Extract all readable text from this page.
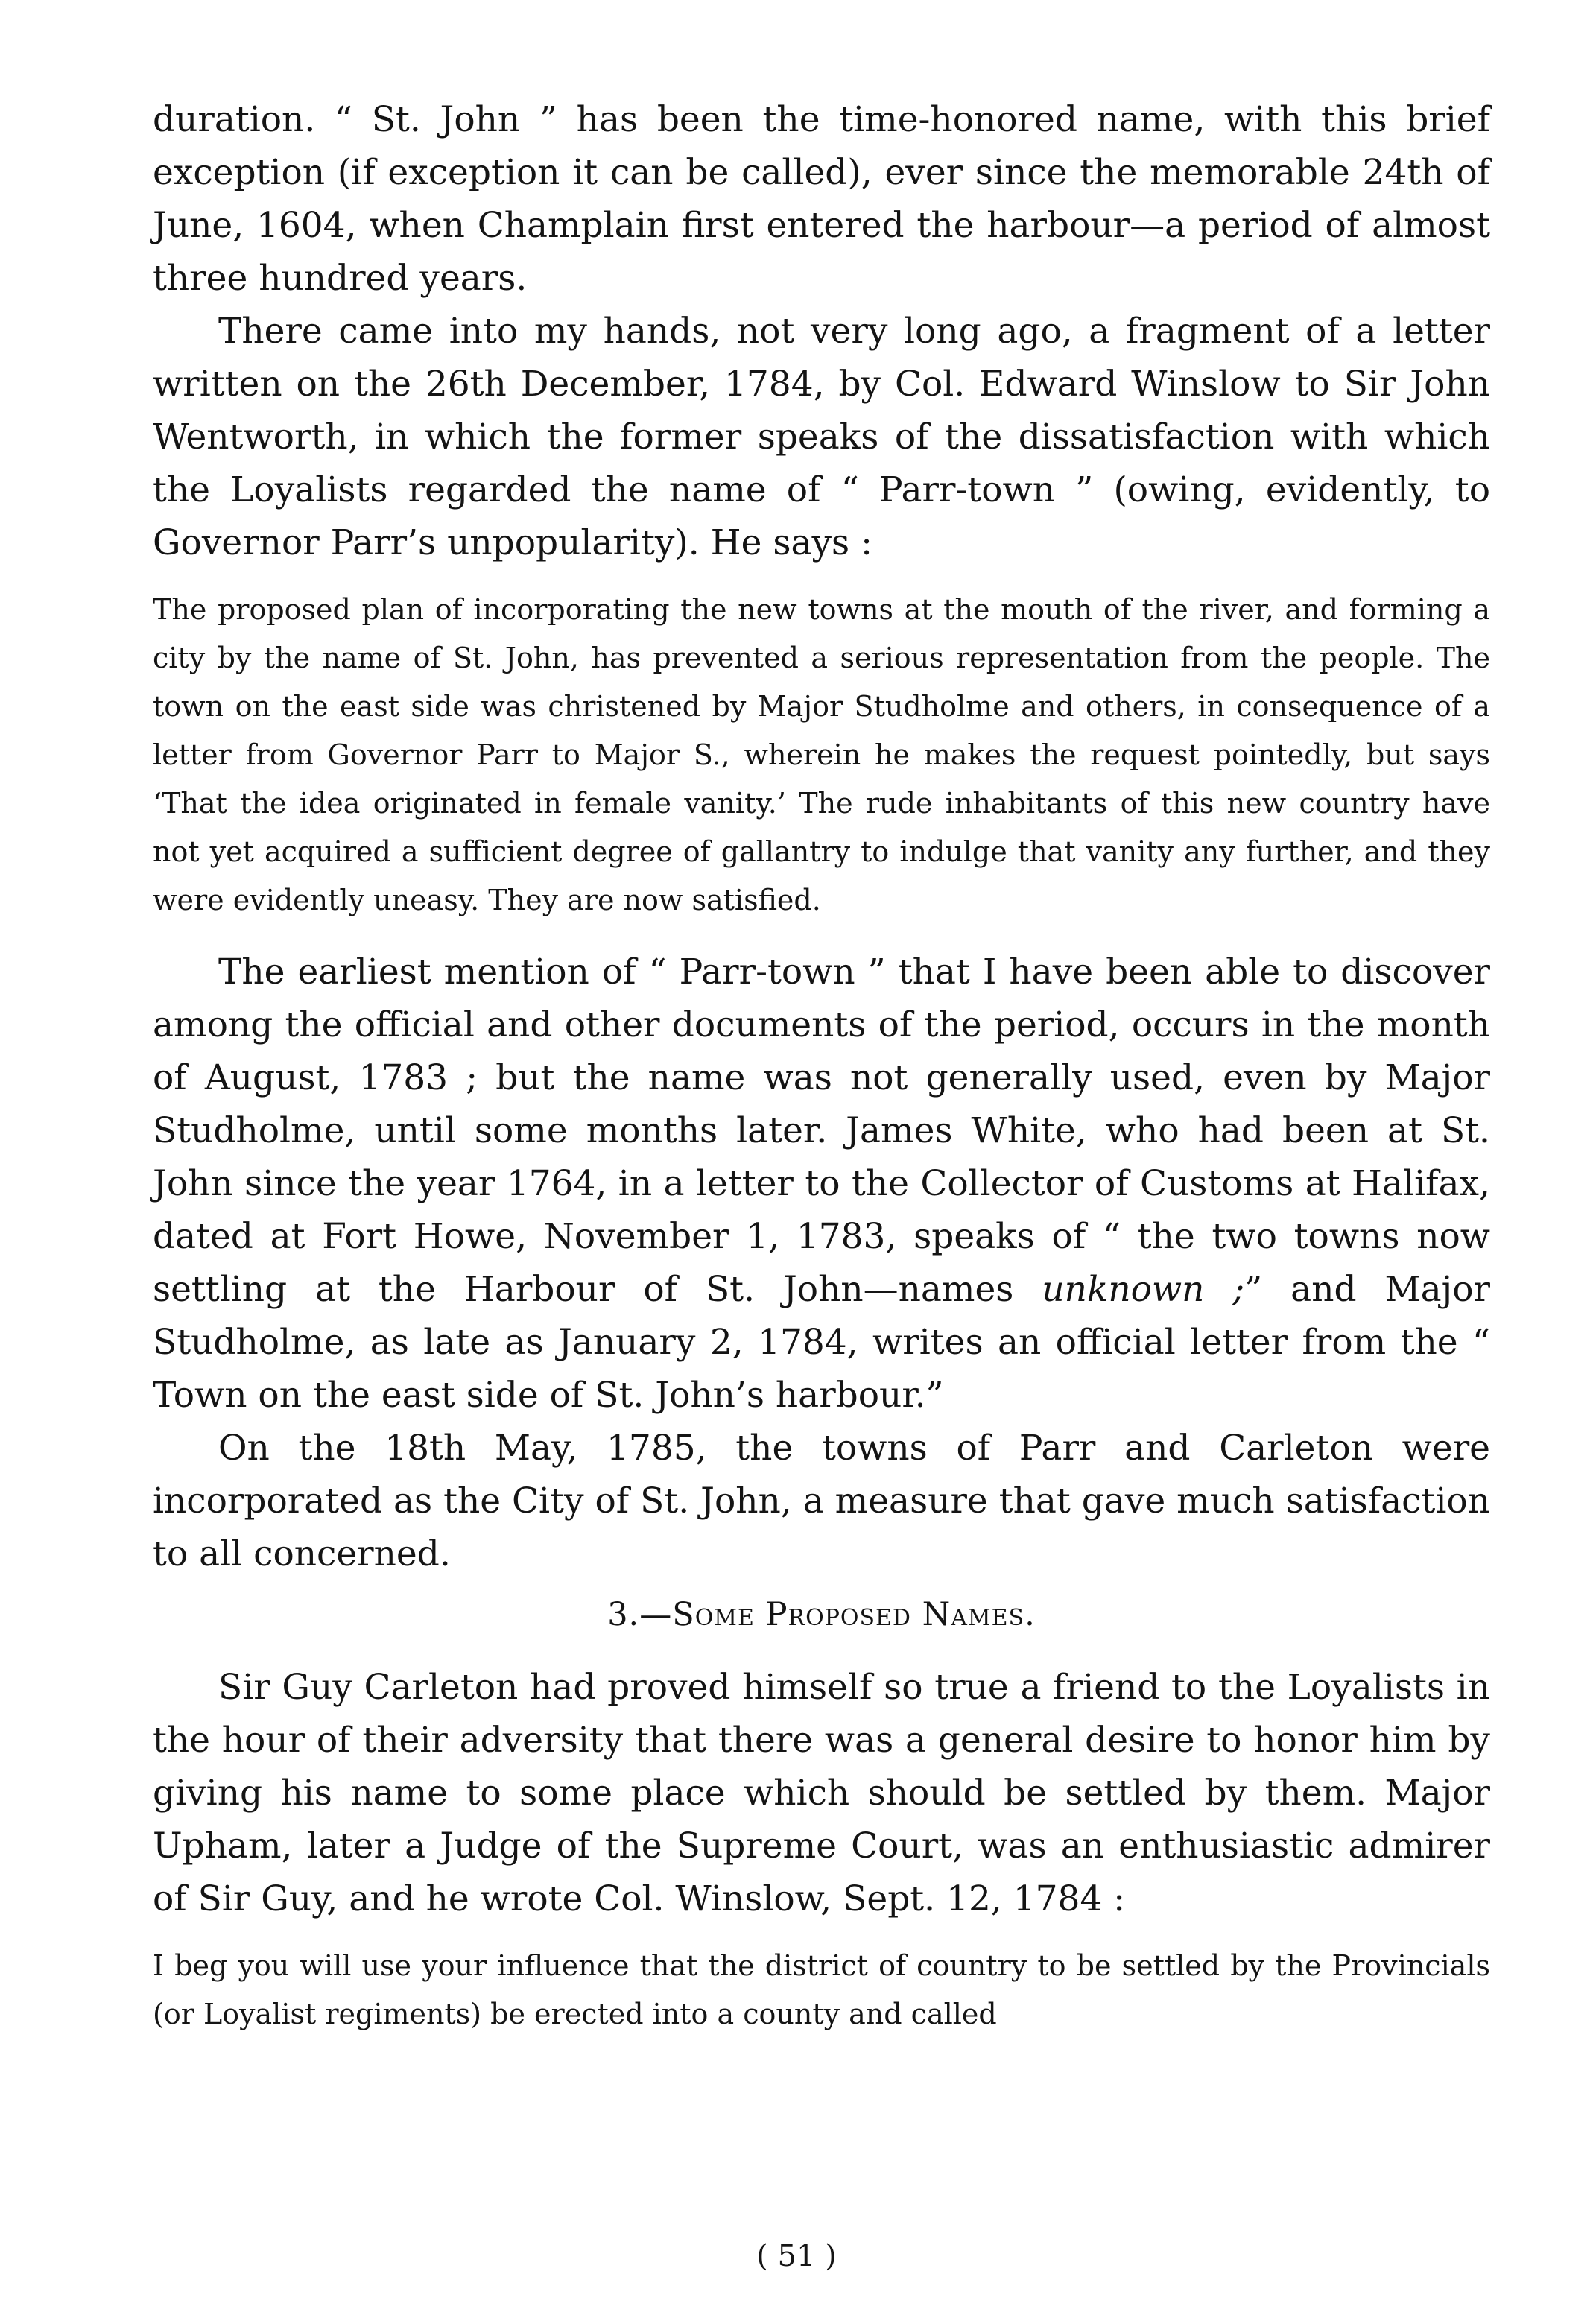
duration. “ St. John ” has been the time-honored name, with this brief exception (if exception it can be called), ever since the memorable 24th of June, 1604, when Champlain first entered the harbour—a period of almost three hundred years.

There came into my hands, not very long ago, a fragment of a letter written on the 26th December, 1784, by Col. Edward Winslow to Sir John Wentworth, in which the former speaks of the dissatisfaction with which the Loyalists regarded the name of “ Parr-town ” (owing, evidently, to Governor Parr’s unpopularity). He says :

The proposed plan of incorporating the new towns at the mouth of the river, and forming a city by the name of St. John, has prevented a serious representation from the people. The town on the east side was christened by Major Studholme and others, in consequence of a letter from Governor Parr to Major S., wherein he makes the request pointedly, but says ‘That the idea originated in female vanity.’ The rude inhabitants of this new country have not yet acquired a sufficient degree of gallantry to indulge that vanity any further, and they were evidently uneasy. They are now satisfied.

The earliest mention of “ Parr-town ” that I have been able to discover among the official and other documents of the period, occurs in the month of August, 1783 ; but the name was not generally used, even by Major Studholme, until some months later. James White, who had been at St. John since the year 1764, in a letter to the Collector of Customs at Halifax, dated at Fort Howe, November 1, 1783, speaks of “ the two towns now settling at the Harbour of St. John—names unknown ;” and Major Studholme, as late as January 2, 1784, writes an official letter from the “ Town on the east side of St. John’s harbour.”

On the 18th May, 1785, the towns of Parr and Carleton were incorporated as the City of St. John, a measure that gave much satisfaction to all concerned.

3.—Some Proposed Names.

Sir Guy Carleton had proved himself so true a friend to the Loyalists in the hour of their adversity that there was a general desire to honor him by giving his name to some place which should be settled by them. Major Upham, later a Judge of the Supreme Court, was an enthusiastic admirer of Sir Guy, and he wrote Col. Winslow, Sept. 12, 1784 :

I beg you will use your influence that the district of country to be settled by the Provincials (or Loyalist regiments) be erected into a county and called

( 51 )
